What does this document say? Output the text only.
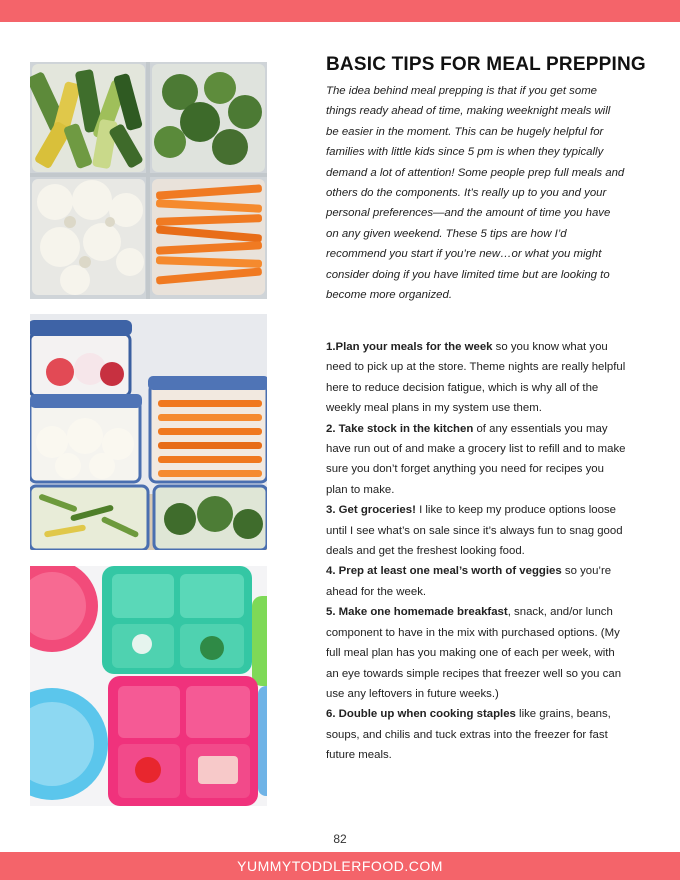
BASIC TIPS FOR MEAL PREPPING
The idea behind meal prepping is that if you get some things ready ahead of time, making weeknight meals will be easier in the moment. This can be hugely helpful for families with little kids since 5 pm is when they typically demand a lot of attention! Some people prep full meals and others do the components. It’s really up to you and your personal preferences—and the amount of time you have on any given weekend. These 5 tips are how I’d recommend you start if you’re new…or what you might consider doing if you have limited time but are looking to become more organized.
1.Plan your meals for the week so you know what you need to pick up at the store. Theme nights are really helpful here to reduce decision fatigue, which is why all of the weekly meal plans in my system use them.
2. Take stock in the kitchen of any essentials you may have run out of and make a grocery list to refill and to make sure you don’t forget anything you need for recipes you plan to make.
3. Get groceries! I like to keep my produce options loose until I see what’s on sale since it’s always fun to snag good deals and get the freshest looking food.
4. Prep at least one meal’s worth of veggies so you’re ahead for the week.
5. Make one homemade breakfast, snack, and/or lunch component to have in the mix with purchased options. (My full meal plan has you making one of each per week, with an eye towards simple recipes that freezer well so you can use any leftovers in future weeks.)
6. Double up when cooking staples like grains, beans, soups, and chilis and tuck extras into the freezer for fast future meals.
82
YUMMYTODDLERFOOD.COM
